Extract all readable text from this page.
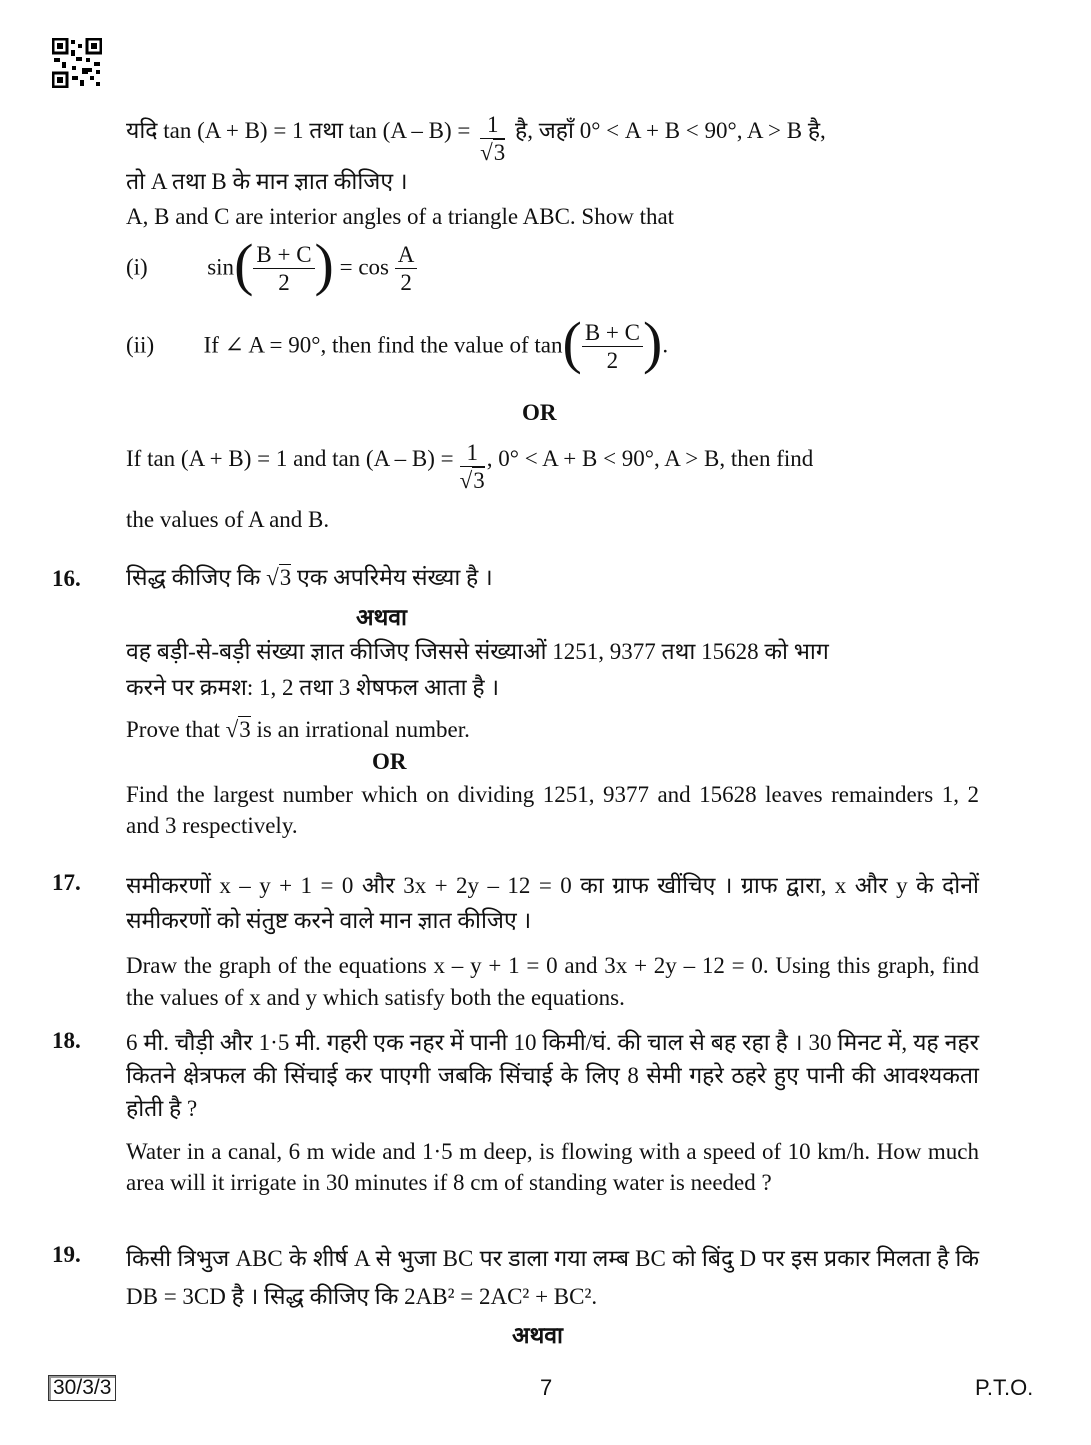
यदि tan (A + B) = 1 तथा $\tan (A - B) = \frac{1}{√3}$ है, जहाँ 0° < A + B < 90°, A > B है,
तो A तथा B के मान ज्ञात कीजिए ।
A, B and C are interior angles of a triangle ABC. Show that
(i)	$\sin( \frac{B + C}{2}$ ) = $\cos \frac{A}{2}$
(ii) If ∠ A = 90°, then find the value of $\tan( \frac{B + C}{2}$ ).
OR
If tan (A + B) = 1 and $\tan (A - B) = \frac{1}{√3}$ , 0° < A + B < 90°, A > B, then find
the values of A and B.
16. सिद्ध कीजिए कि √3 एक अपरिमेय संख्या है ।
अथवा
वह बड़ी-से-बड़ी संख्या ज्ञात कीजिए जिससे संख्याओं 1251, 9377 तथा 15628 को भाग
करने पर क्रमश: 1, 2 तथा 3 शेषफल आता है ।
Prove that √3 is an irrational number.
OR
Find the largest number which on dividing 1251, 9377 and 15628 leaves remainders 1, 2 and 3 respectively.
17. समीकरणों x – y + 1 = 0 और 3x + 2y – 12 = 0 का ग्राफ खींचिए । ग्राफ द्वारा, x और y के दोनों समीकरणों को संतुष्ट करने वाले मान ज्ञात कीजिए ।
Draw the graph of the equations x – y + 1 = 0 and 3x + 2y – 12 = 0. Using this graph, find the values of x and y which satisfy both the equations.
18. 6 मी. चौड़ी और 1·5 मी. गहरी एक नहर में पानी 10 किमी/घं. की चाल से बह रहा है । 30 मिनट में, यह नहर कितने क्षेत्रफल की सिंचाई कर पाएगी जबकि सिंचाई के लिए 8 सेमी गहरे ठहरे हुए पानी की आवश्यकता होती है ?
Water in a canal, 6 m wide and 1·5 m deep, is flowing with a speed of 10 km/h. How much area will it irrigate in 30 minutes if 8 cm of standing water is needed ?
19. किसी त्रिभुज ABC के शीर्ष A से भुजा BC पर डाला गया लम्ब BC को बिंदु D पर इस प्रकार मिलता है कि DB = 3CD है । सिद्ध कीजिए कि 2AB² = 2AC² + BC².
अथवा
30/3/3	7	P.T.O.
